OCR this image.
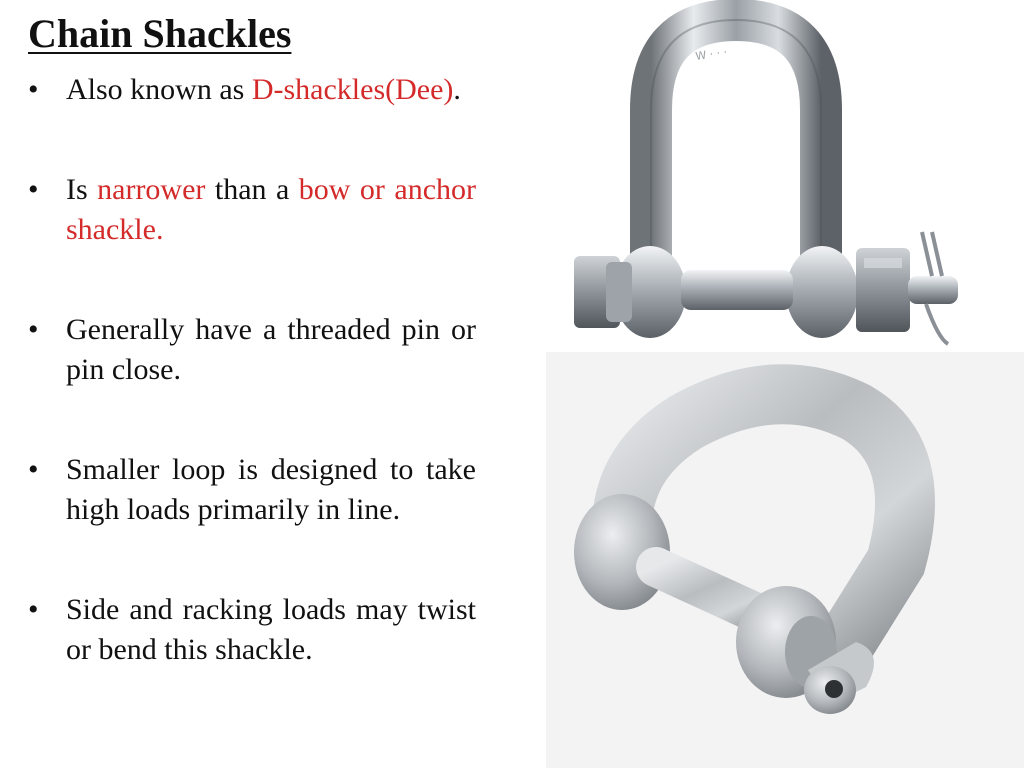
Chain Shackles
• Also known as D-shackles(Dee).
• Is narrower than a bow or anchor shackle.
• Generally have a threaded pin or pin close.
• Smaller loop is designed to take high loads primarily in line.
• Side and racking loads may twist or bend this shackle.
W · · ·
